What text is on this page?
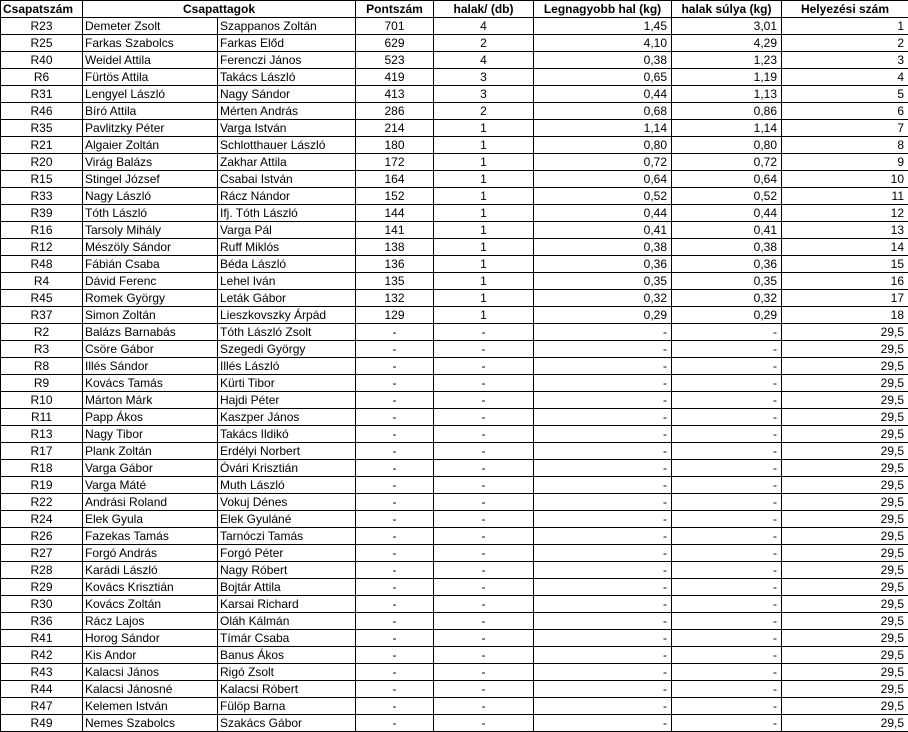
Csapatszám	Csapattagok		Pontszám	halak/ (db)	Legnagyobb hal (kg)	halak súlya (kg)	Helyezési szám
R23	Demeter Zsolt	Szappanos Zoltán	701	4	1,45	3,01	1
R25	Farkas Szabolcs	Farkas Előd	629	2	4,10	4,29	2
R40	Weidel Attila	Ferenczi János	523	4	0,38	1,23	3
R6	Fürtös Attila	Takács László	419	3	0,65	1,19	4
R31	Lengyel László	Nagy Sándor	413	3	0,44	1,13	5
R46	Bíró Attila	Mérten András	286	2	0,68	0,86	6
R35	Pavlitzky Péter	Varga István	214	1	1,14	1,14	7
R21	Algaier Zoltán	Schlotthauer László	180	1	0,80	0,80	8
R20	Virág Balázs	Zakhar Attila	172	1	0,72	0,72	9
R15	Stingel József	Csabai István	164	1	0,64	0,64	10
R33	Nagy László	Rácz Nándor	152	1	0,52	0,52	11
R39	Tóth László	Ifj. Tóth László	144	1	0,44	0,44	12
R16	Tarsoly Mihály	Varga Pál	141	1	0,41	0,41	13
R12	Mészöly Sándor	Ruff Miklós	138	1	0,38	0,38	14
R48	Fábián Csaba	Béda László	136	1	0,36	0,36	15
R4	Dávid Ferenc	Lehel Iván	135	1	0,35	0,35	16
R45	Romek György	Leták Gábor	132	1	0,32	0,32	17
R37	Simon Zoltán	Lieszkovszky Árpád	129	1	0,29	0,29	18
R2	Balázs Barnabás	Tóth László Zsolt	-	-	-	-	29,5
R3	Csöre Gábor	Szegedi György	-	-	-	-	29,5
R8	Illés Sándor	Illés László	-	-	-	-	29,5
R9	Kovács Tamás	Kürti Tibor	-	-	-	-	29,5
R10	Márton Márk	Hajdi Péter	-	-	-	-	29,5
R11	Papp Ákos	Kaszper János	-	-	-	-	29,5
R13	Nagy Tibor	Takács Ildikó	-	-	-	-	29,5
R17	Plank Zoltán	Erdélyi Norbert	-	-	-	-	29,5
R18	Varga Gábor	Óvári Krisztián	-	-	-	-	29,5
R19	Varga Máté	Muth László	-	-	-	-	29,5
R22	Andrási Roland	Vokuj Dénes	-	-	-	-	29,5
R24	Elek Gyula	Elek Gyuláné	-	-	-	-	29,5
R26	Fazekas Tamás	Tarnóczi Tamás	-	-	-	-	29,5
R27	Forgó András	Forgó Péter	-	-	-	-	29,5
R28	Karádi László	Nagy Róbert	-	-	-	-	29,5
R29	Kovács Krisztián	Bojtár Attila	-	-	-	-	29,5
R30	Kovács Zoltán	Karsai Richard	-	-	-	-	29,5
R36	Rácz Lajos	Oláh Kálmán	-	-	-	-	29,5
R41	Horog Sándor	Tímár Csaba	-	-	-	-	29,5
R42	Kis Andor	Banus Ákos	-	-	-	-	29,5
R43	Kalacsi János	Rigó Zsolt	-	-	-	-	29,5
R44	Kalacsi Jánosné	Kalacsi Róbert	-	-	-	-	29,5
R47	Kelemen István	Fülöp Barna	-	-	-	-	29,5
R49	Nemes Szabolcs	Szakács Gábor	-	-	-	-	29,5
